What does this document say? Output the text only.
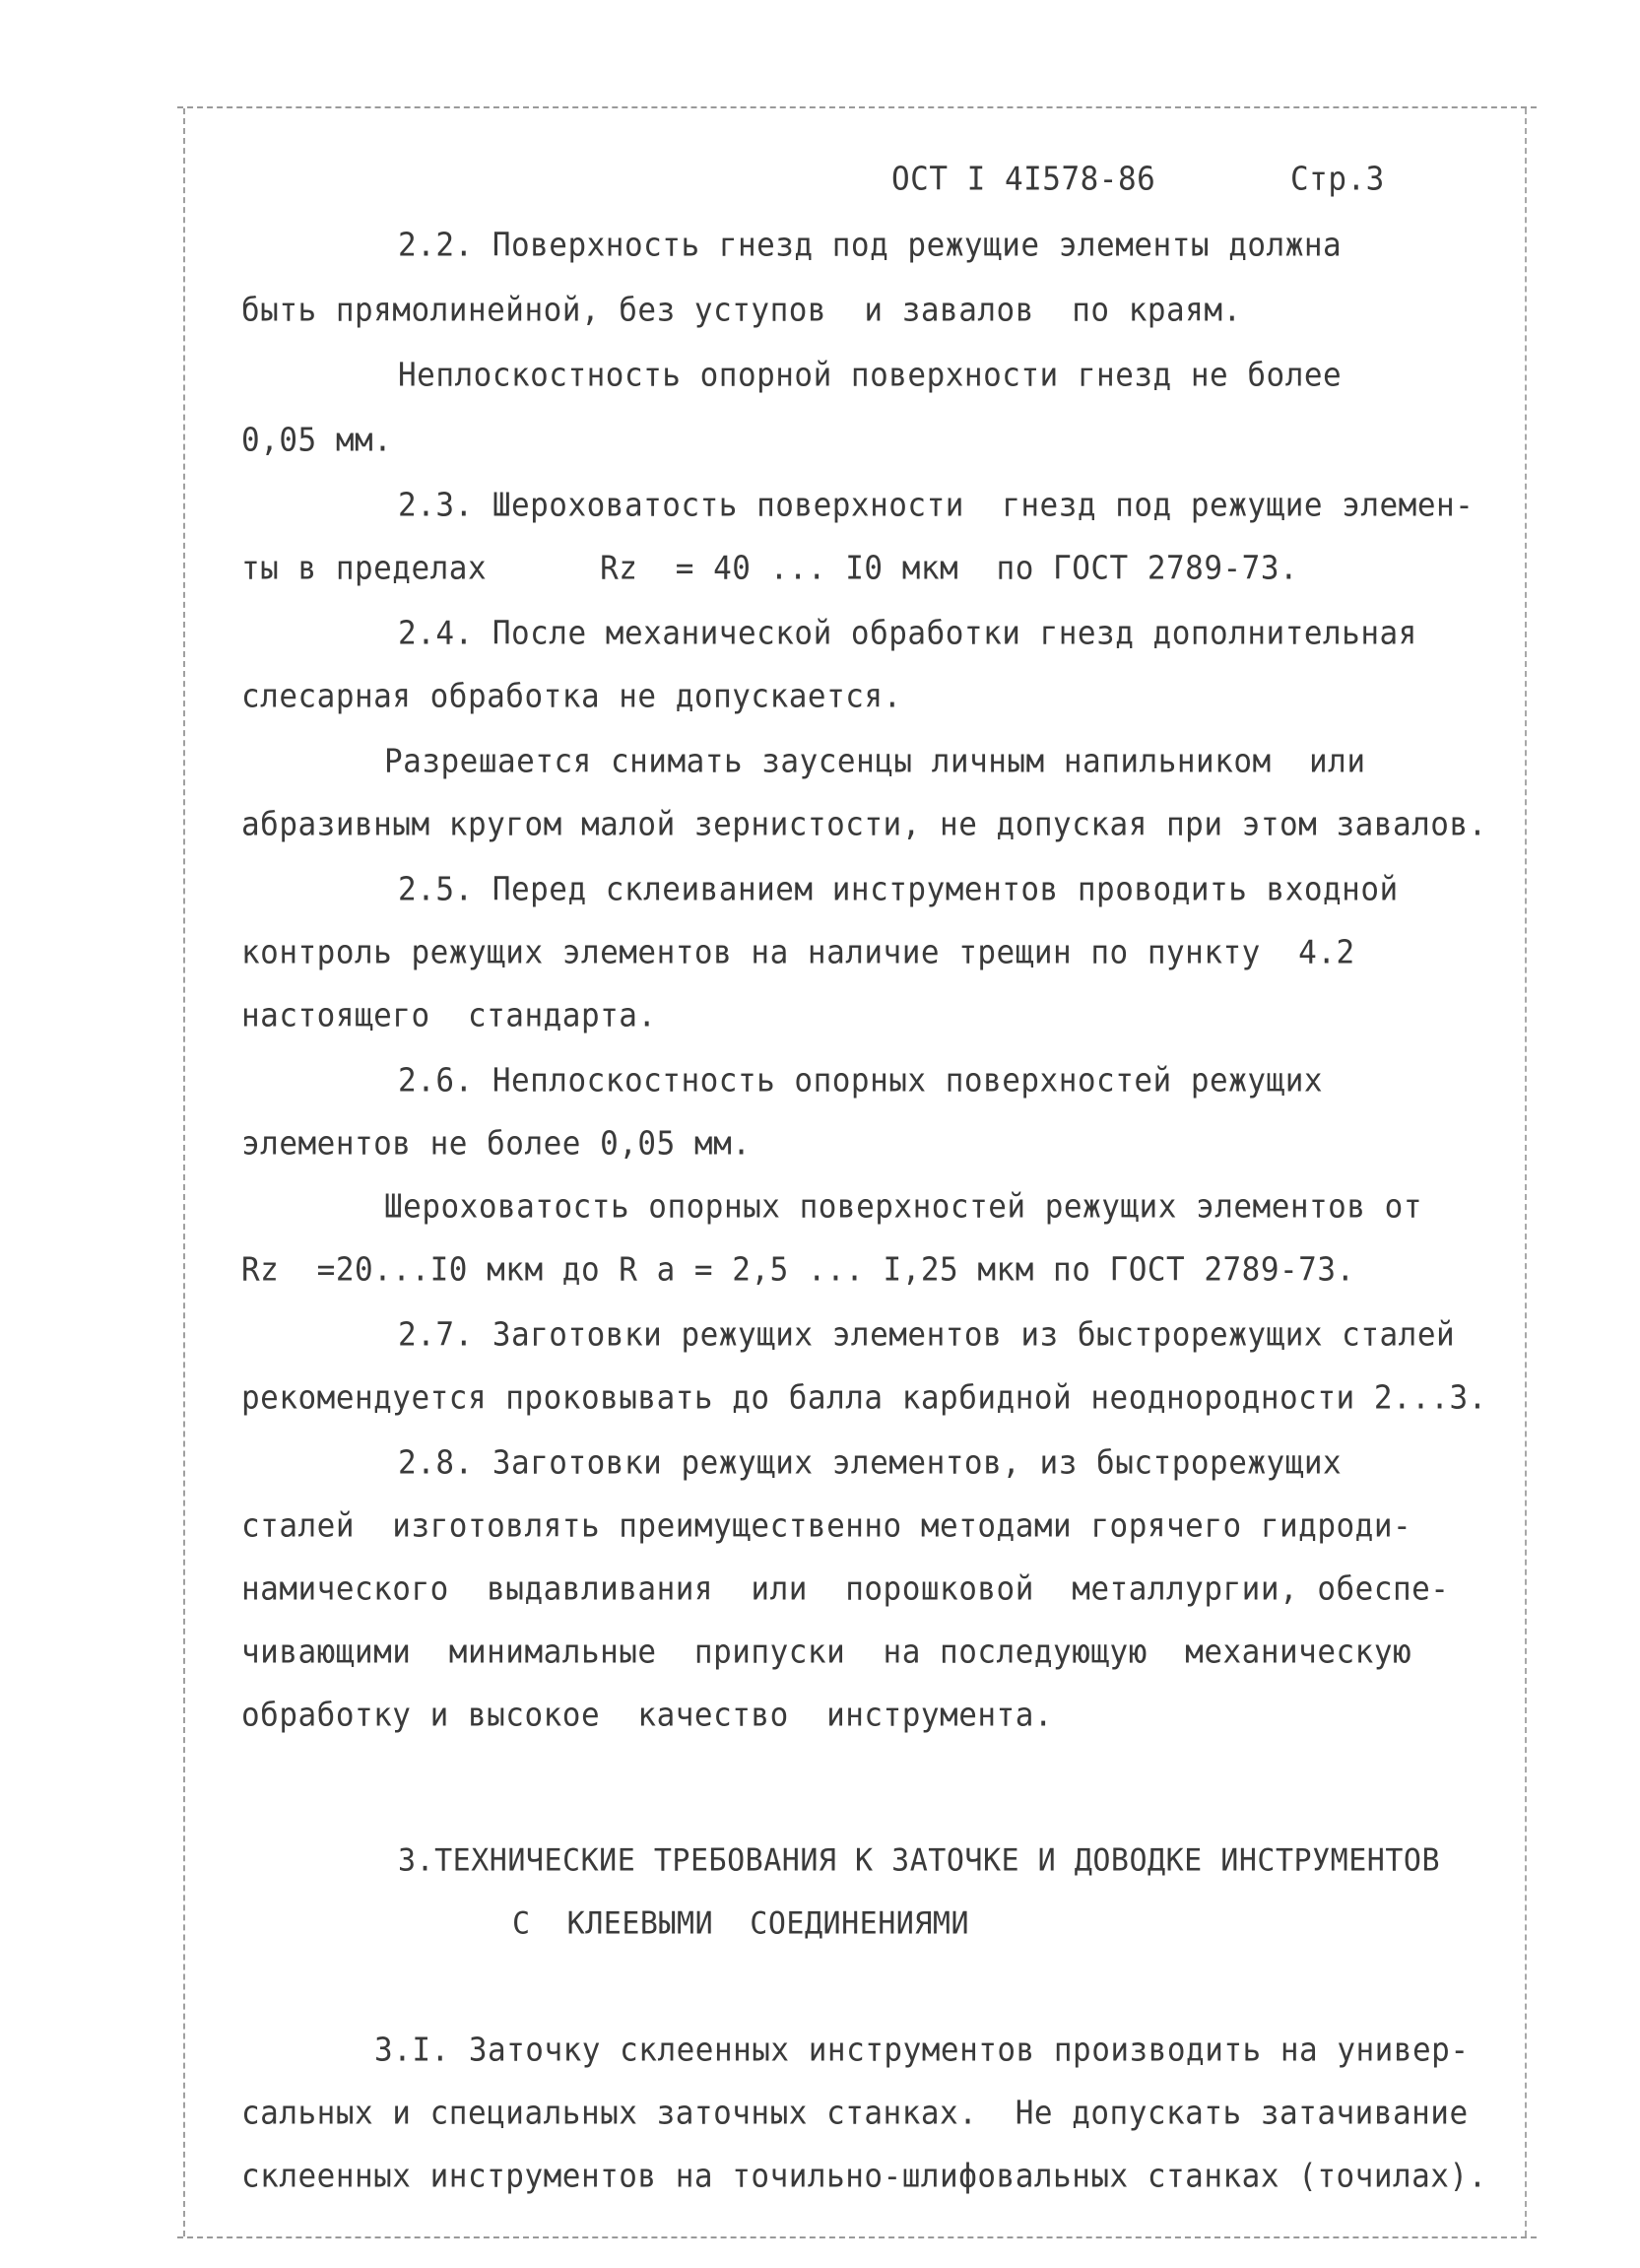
ОСТ I 4I578-86	Стр.3
2.2. Поверхность гнезд под режущие элементы должна
быть прямолинейной, без уступов  и завалов  по краям.
Неплоскостность опорной поверхности гнезд не более
0,05 мм.
2.3. Шероховатость поверхности  гнезд под режущие элемен-
ты в пределах      Rz  = 40 ... I0 мкм  по ГОСТ 2789-73.
2.4. После механической обработки гнезд дополнительная
слесарная обработка не допускается.
Разрешается снимать заусенцы личным напильником  или
абразивным кругом малой зернистости, не допуская при этом завалов.
2.5. Перед склеиванием инструментов проводить входной
контроль режущих элементов на наличие трещин по пункту  4.2
настоящего  стандарта.
2.6. Неплоскостность опорных поверхностей режущих
элементов не более 0,05 мм.
Шероховатость опорных поверхностей режущих элементов от
Rz  =20...I0 мкм до R a = 2,5 ... I,25 мкм по ГОСТ 2789-73.
2.7. Заготовки режущих элементов из быстрорежущих сталей
рекомендуется проковывать до балла карбидной неоднородности 2...3.
2.8. Заготовки режущих элементов, из быстрорежущих
сталей  изготовлять преимущественно методами горячего гидроди-
намического  выдавливания  или  порошковой  металлургии, обеспе-
чивающими  минимальные  припуски  на последующую  механическую
обработку и высокое  качество  инструмента.
3.ТЕХНИЧЕСКИЕ ТРЕБОВАНИЯ К ЗАТОЧКЕ И ДОВОДКЕ ИНСТРУМЕНТОВ
С  КЛЕЕВЫМИ  СОЕДИНЕНИЯМИ
3.I. Заточку склеенных инструментов производить на универ-
сальных и специальных заточных станках.  Не допускать затачивание
склеенных инструментов на точильно-шлифовальных станках (точилах).
